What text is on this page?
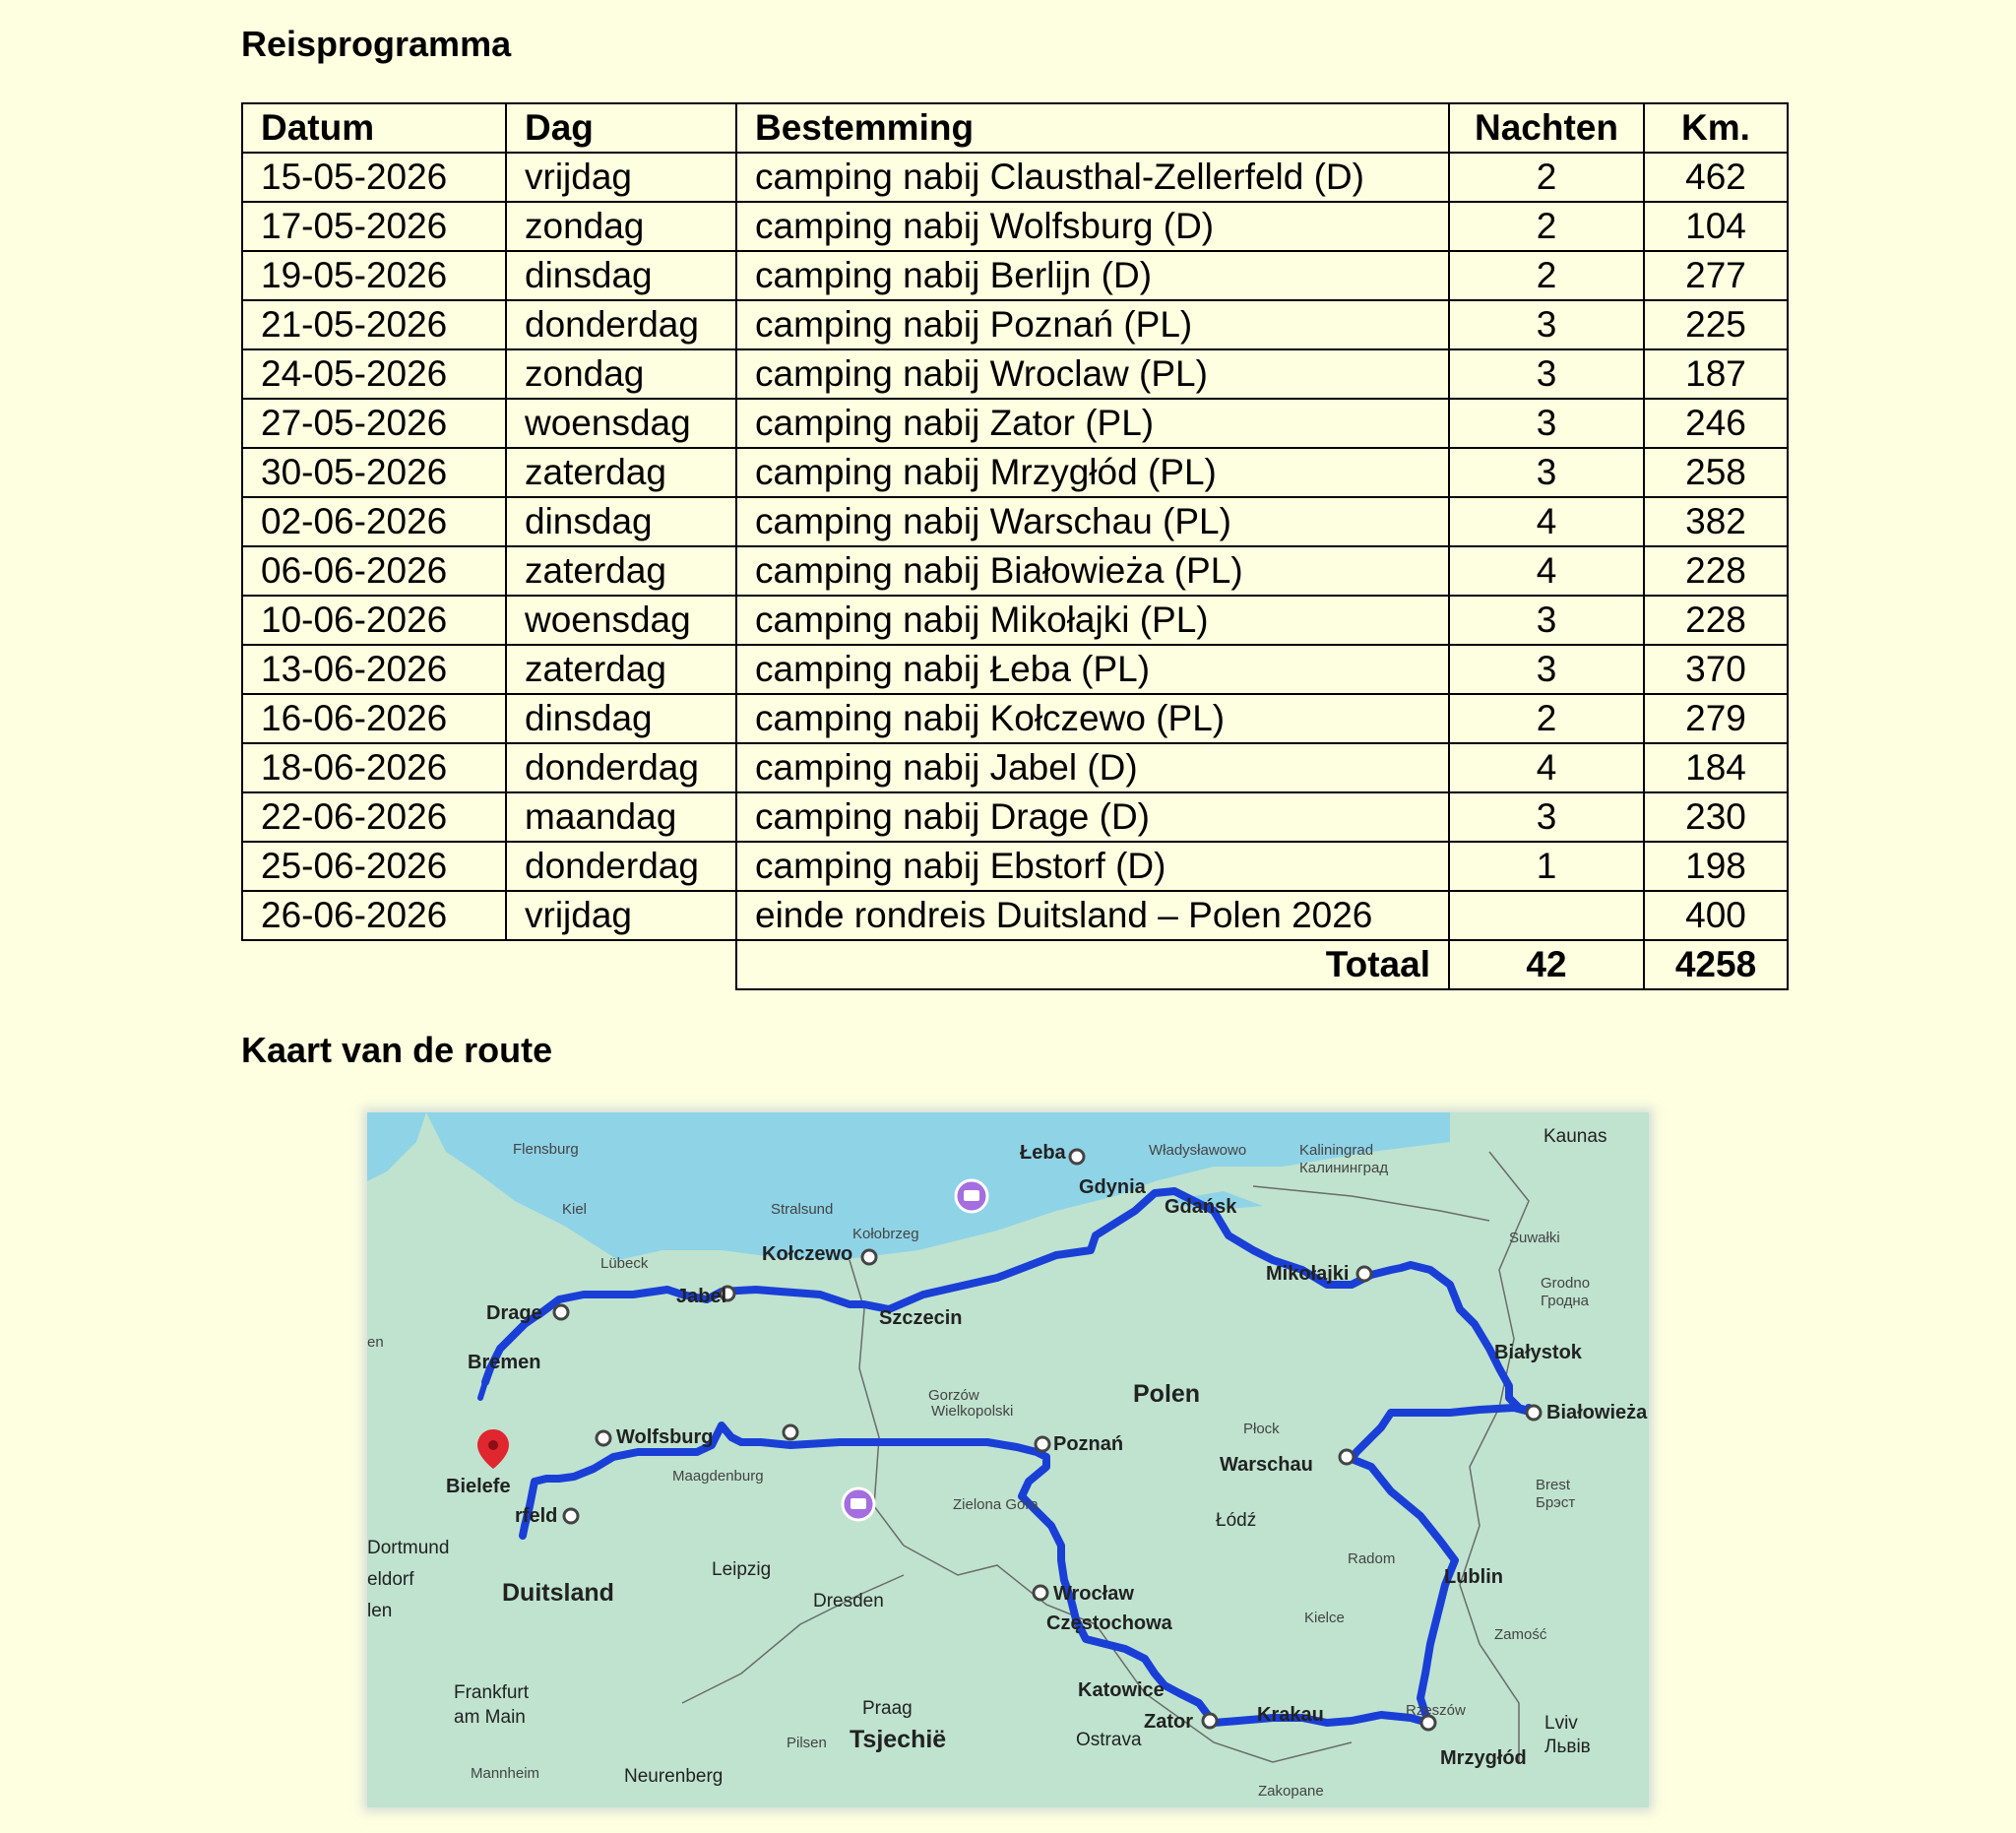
Reisprogramma
Datum	Dag	Bestemming	Nachten	Km.
15-05-2026	vrijdag	camping nabij Clausthal-Zellerfeld (D)	2	462
17-05-2026	zondag	camping nabij Wolfsburg (D)	2	104
19-05-2026	dinsdag	camping nabij Berlijn (D)	2	277
21-05-2026	donderdag	camping nabij Poznań (PL)	3	225
24-05-2026	zondag	camping nabij Wroclaw (PL)	3	187
27-05-2026	woensdag	camping nabij Zator (PL)	3	246
30-05-2026	zaterdag	camping nabij Mrzygłód (PL)	3	258
02-06-2026	dinsdag	camping nabij Warschau (PL)	4	382
06-06-2026	zaterdag	camping nabij Białowieża (PL)	4	228
10-06-2026	woensdag	camping nabij Mikołajki (PL)	3	228
13-06-2026	zaterdag	camping nabij Łeba (PL)	3	370
16-06-2026	dinsdag	camping nabij Kołczewo (PL)	2	279
18-06-2026	donderdag	camping nabij Jabel (D)	4	184
22-06-2026	maandag	camping nabij Drage (D)	3	230
25-06-2026	donderdag	camping nabij Ebstorf (D)	1	198
26-06-2026	vrijdag	einde rondreis Duitsland – Polen 2026		400
		Totaal	42	4258
Kaart van de route
Duitsland
Polen
Tsjechië
Łeba
Gdynia
Gdańsk
Mikołajki
Białystok
Białowieża
Warschau
Lublin
Mrzygłód
Krakau
Zator
Katowice
Częstochowa
Wrocław
Poznań
Wolfsburg
rfeld
Bielefe
Bremen
Drage
Jabel
Kołczewo
Szczecin
Flensburg
Kiel
Lübeck
Stralsund
Kołobrzeg
Władysławowo	Kaliningrad
Калининград
Kaunas
Suwałki
Grodno
Гродна
Płock
Brest
Брэст
Radom
Kielce
Zamość
Rzeszów
Lviv
Львів
Zakopane
Ostrava
Praag
Pilsen
Neurenberg
Dresden
Leipzig
Maagdenburg
Zielona Góra
Łódź
Gorzów
Wielkopolski
Dortmund
eldorf
len
Frankfurt
am Main
Mannheim
en
